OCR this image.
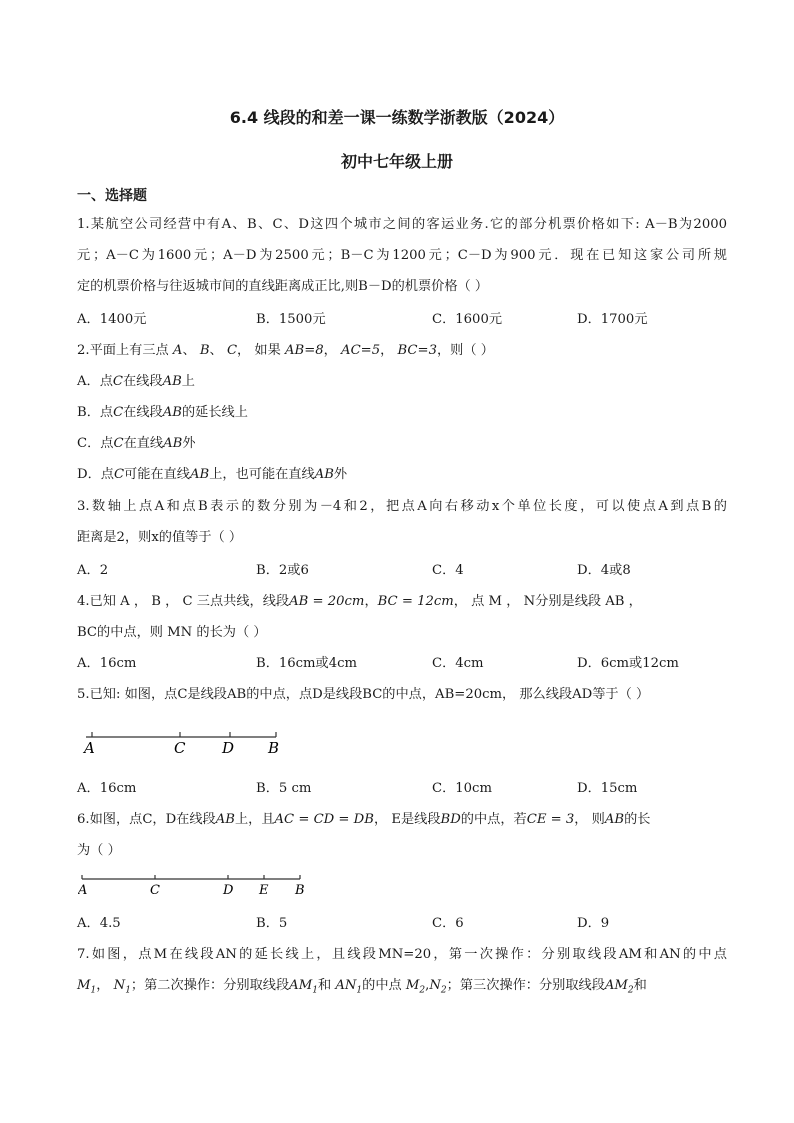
6.4 线段的和差一课一练数学浙教版（2024）
初中七年级上册
一、选择题
1.某航空公司经营中有A、B、C、D这四个城市之间的客运业务.它的部分机票价格如下: A－B为2000
元；A－C为1600元；A－D为2500元；B－C为1200元；C－D为900元．现在已知这家公司所规
定的机票价格与往返城市间的直线距离成正比,则B－D的机票价格（ ）
A．1400元	B．1500元	C．1600元	D．1700元
2.平面上有三点 A、 B、 C， 如果 AB=8， AC=5， BC=3，则（ ）
A．点C在线段AB上
B．点C在线段AB的延长线上
C．点C在直线AB外
D．点C可能在直线AB上，也可能在直线AB外
3.数轴上点A和点B表示的数分别为－4和2，把点A向右移动x个单位长度，可以使点A到点B的
距离是2，则x的值等于（ ）
A．2	B．2或6	C．4	D．4或8
4.已知 A ， B ， C 三点共线，线段AB = 20cm，BC = 12cm， 点 M ， N分别是线段 AB ，
BC的中点，则 MN 的长为（ ）
A．16cm	B．16cm或4cm	C．4cm	D．6cm或12cm
5.已知: 如图，点C是线段AB的中点，点D是线段BC的中点，AB=20cm， 那么线段AD等于（ ）
A	C D B
A．16cm	B．5 cm	C．10cm	D．15cm
6.如图，点C，D在线段AB上，且AC = CD = DB， E是线段BD的中点，若CE = 3， 则AB的长
为（ ）
A	C	D E B
A．4.5	B．5	C．6	D．9
7.如图，点M在线段AN的延长线上，且线段MN=20，第一次操作：分别取线段AM和AN的中点
$M_1$， $N_1$；第二次操作：分别取线段$AM_1$和 $AN_1$的中点 $M_2,N_2$；第三次操作：分别取线段$AM_2$和
